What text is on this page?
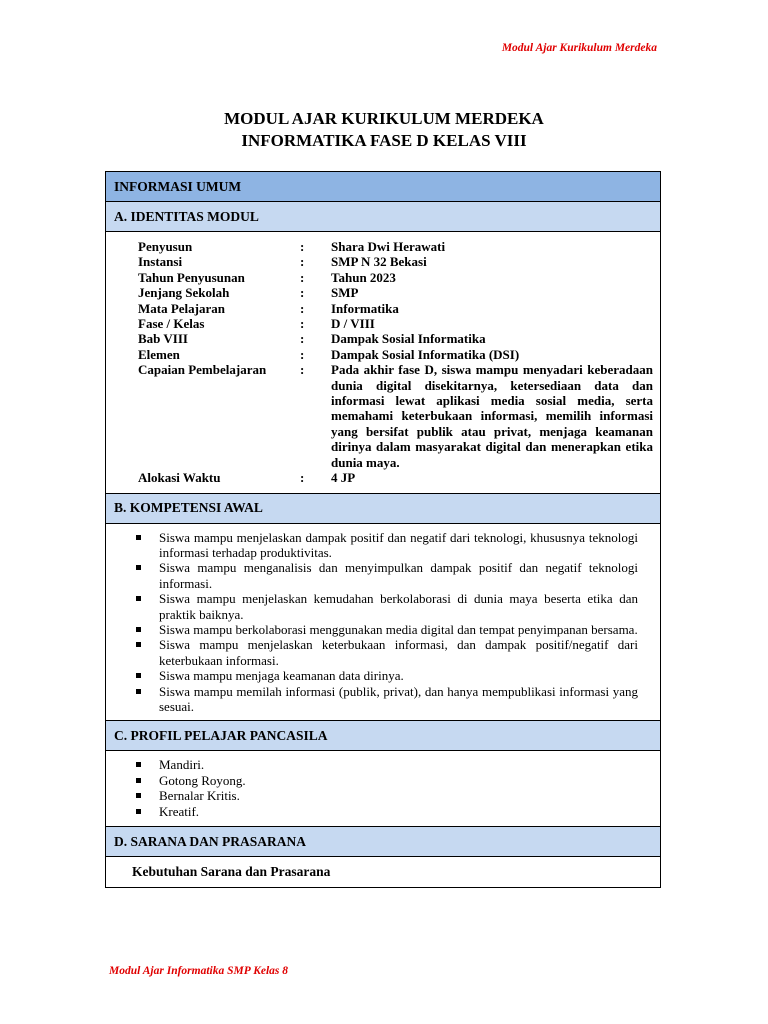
Modul Ajar Kurikulum Merdeka
MODUL AJAR KURIKULUM MERDEKA
INFORMATIKA FASE D KELAS VIII
INFORMASI UMUM
A. IDENTITAS MODUL
Penyusun	:	Shara Dwi Herawati
Instansi	:	SMP N 32 Bekasi
Tahun Penyusunan	:	Tahun 2023
Jenjang Sekolah	:	SMP
Mata Pelajaran	:	Informatika
Fase / Kelas	:	D / VIII
Bab VIII	:	Dampak Sosial Informatika
Elemen	:	Dampak Sosial Informatika (DSI)
Capaian Pembelajaran	:	Pada akhir fase D, siswa mampu menyadari keberadaan dunia digital disekitarnya, ketersediaan data dan informasi lewat aplikasi media sosial media, serta memahami keterbukaan informasi, memilih informasi yang bersifat publik atau privat, menjaga keamanan dirinya dalam masyarakat digital dan menerapkan etika dunia maya.
Alokasi Waktu	:	4 JP
B. KOMPETENSI AWAL
Siswa mampu menjelaskan dampak positif dan negatif dari teknologi, khususnya teknologi informasi terhadap produktivitas.
Siswa mampu menganalisis dan menyimpulkan dampak positif dan negatif teknologi informasi.
Siswa mampu menjelaskan kemudahan berkolaborasi di dunia maya beserta etika dan praktik baiknya.
Siswa mampu berkolaborasi menggunakan media digital dan tempat penyimpanan bersama.
Siswa mampu menjelaskan keterbukaan informasi, dan dampak positif/negatif dari keterbukaan informasi.
Siswa mampu menjaga keamanan data dirinya.
Siswa mampu memilah informasi (publik, privat), dan hanya mempublikasi informasi yang sesuai.
C. PROFIL PELAJAR PANCASILA
Mandiri.
Gotong Royong.
Bernalar Kritis.
Kreatif.
D. SARANA DAN PRASARANA
Kebutuhan Sarana dan Prasarana
Modul Ajar Informatika SMP Kelas 8
